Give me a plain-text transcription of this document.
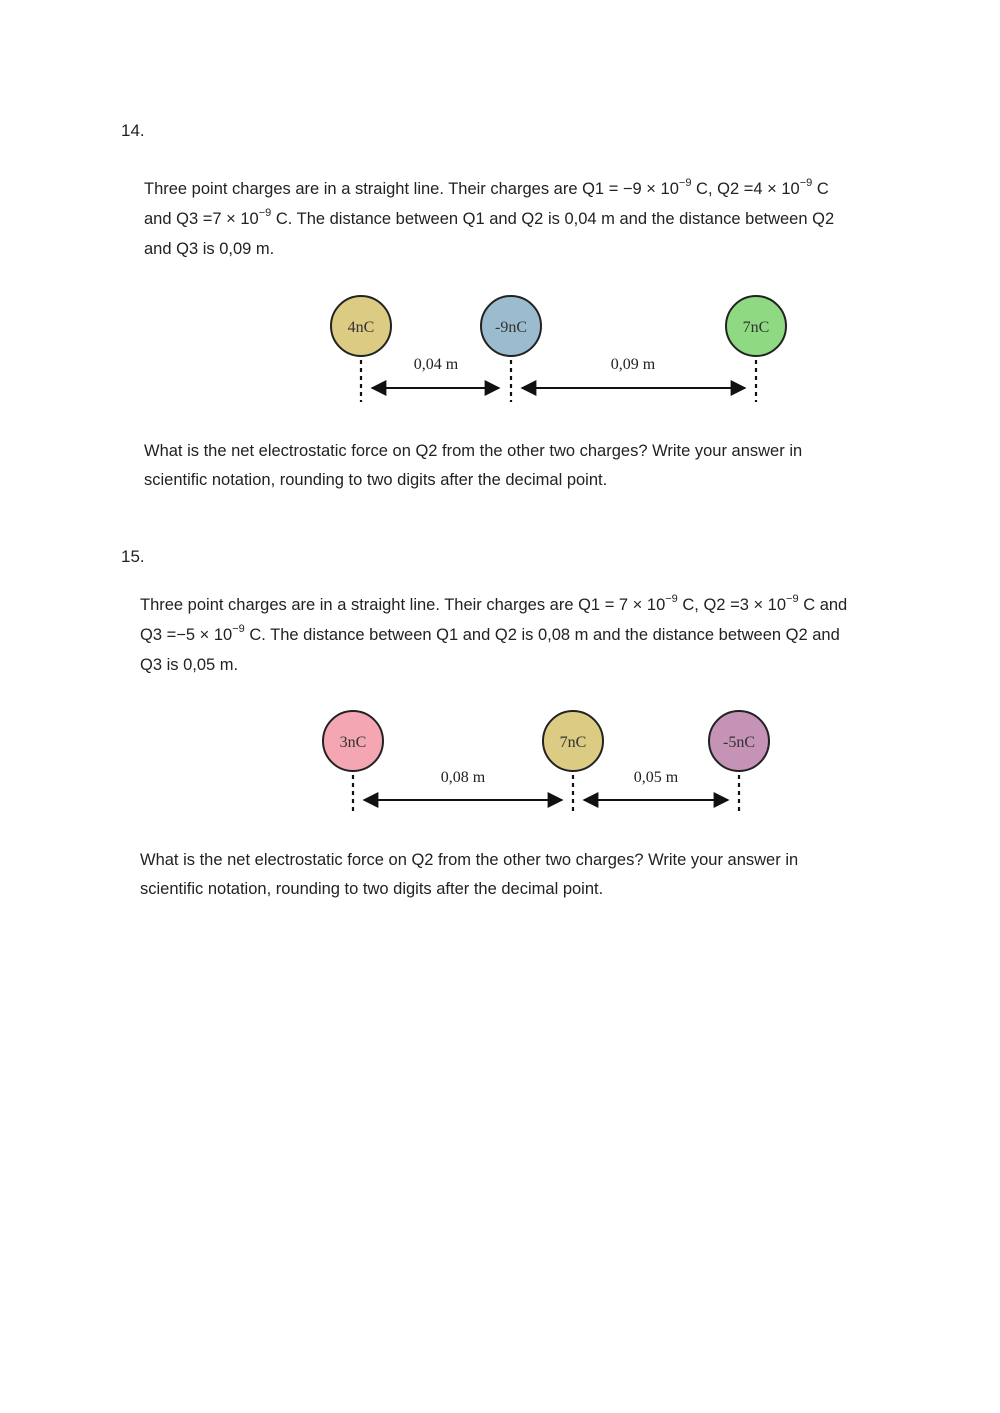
14.
Three point charges are in a straight line. Their charges are $Q1 = -9 \times 10^{-9}$ C, $Q2 =4 \times 10^{-9}$ C
and $Q3 =7 \times 10^{-9}$ C. The distance between Q1 and Q2 is 0,04 m and the distance between Q2
and Q3 is 0,09 m.
4nC	-9nC	7nC
0,04 m	0,09 m
What is the net electrostatic force on Q2 from the other two charges? Write your answer in
scientific notation, rounding to two digits after the decimal point.
15.
Three point charges are in a straight line. Their charges are $Q1 = 7 \times 10^{-9}$ C, $Q2 =3 \times 10^{-9}$ C and
$Q3 =-5 \times 10^{-9}$ C. The distance between Q1 and Q2 is 0,08 m and the distance between Q2 and
Q3 is 0,05 m.
3nC	7nC	-5nC
0,08 m	0,05 m
What is the net electrostatic force on Q2 from the other two charges? Write your answer in
scientific notation, rounding to two digits after the decimal point.
